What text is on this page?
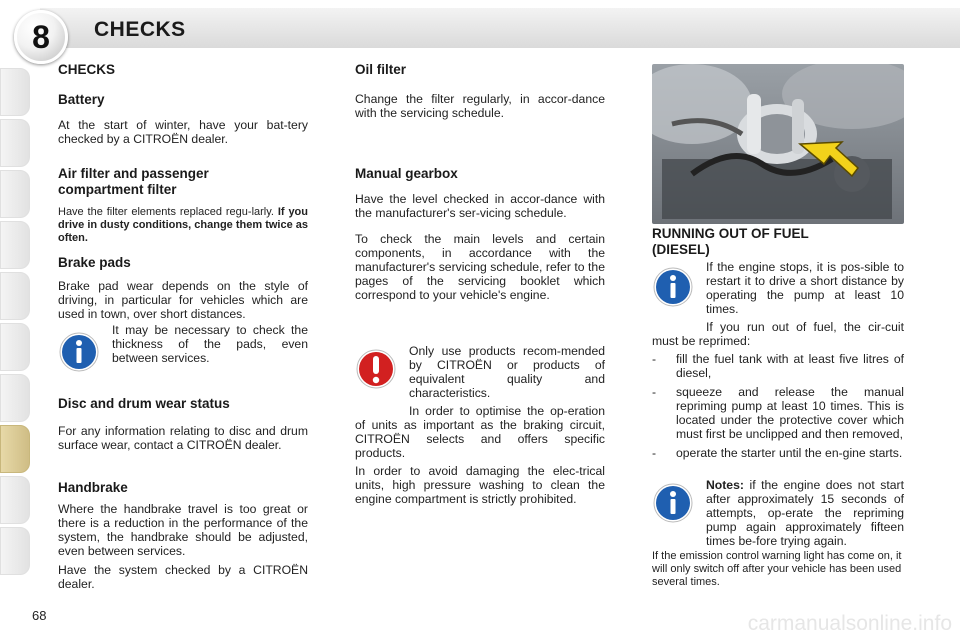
8	CHECKS
CHECKS
Battery

At the start of winter, have your bat-tery checked by a CITROËN dealer.

Air filter and passenger
compartment filter

Have the filter elements replaced regu-larly. If you drive in dusty conditions, change them twice as often.

Brake pads

Brake pad wear depends on the style of driving, in particular for vehicles which are used in town, over short distances.

It may be necessary to check the thickness of the pads, even between services.

Disc and drum wear status

For any information relating to disc and drum surface wear, contact a CITROËN dealer.

Handbrake

Where the handbrake travel is too great or there is a reduction in the performance of the system, the handbrake should be adjusted, even between services.

Have the system checked by a CITROËN dealer.

Oil filter

Change the filter regularly, in accor-dance with the servicing schedule.

Manual gearbox

Have the level checked in accor-dance with the manufacturer's ser-vicing schedule.

To check the main levels and certain components, in accordance with the manufacturer's servicing schedule, refer to the pages of the servicing booklet which correspond to your vehicle's engine.

Only use products recom-mended by CITROËN or products of equivalent quality and characteristics.

In order to optimise the op-eration of units as important as the braking circuit, CITROËN selects and offers specific products.

In order to avoid damaging the elec-trical units, high pressure washing to clean the engine compartment is strictly prohibited.

RUNNING OUT OF FUEL
(DIESEL)

If the engine stops, it is pos-sible to restart it to drive a short distance by operating the pump at least 10 times.

If you run out of fuel, the cir-cuit must be reprimed:

-	fill the fuel tank with at least five litres of diesel,

-	squeeze and release the manual repriming pump at least 10 times. This is located under the protective cover which must first be unclipped and then removed,

-	operate the starter until the en-gine starts.

Notes: if the engine does not start after approximately 15 seconds of attempts, op-erate the repriming pump again approximately fifteen times be-fore trying again.

If the emission control warning light has come on, it will only switch off after your vehicle has been used several times.

68	carmanualsonline.info
